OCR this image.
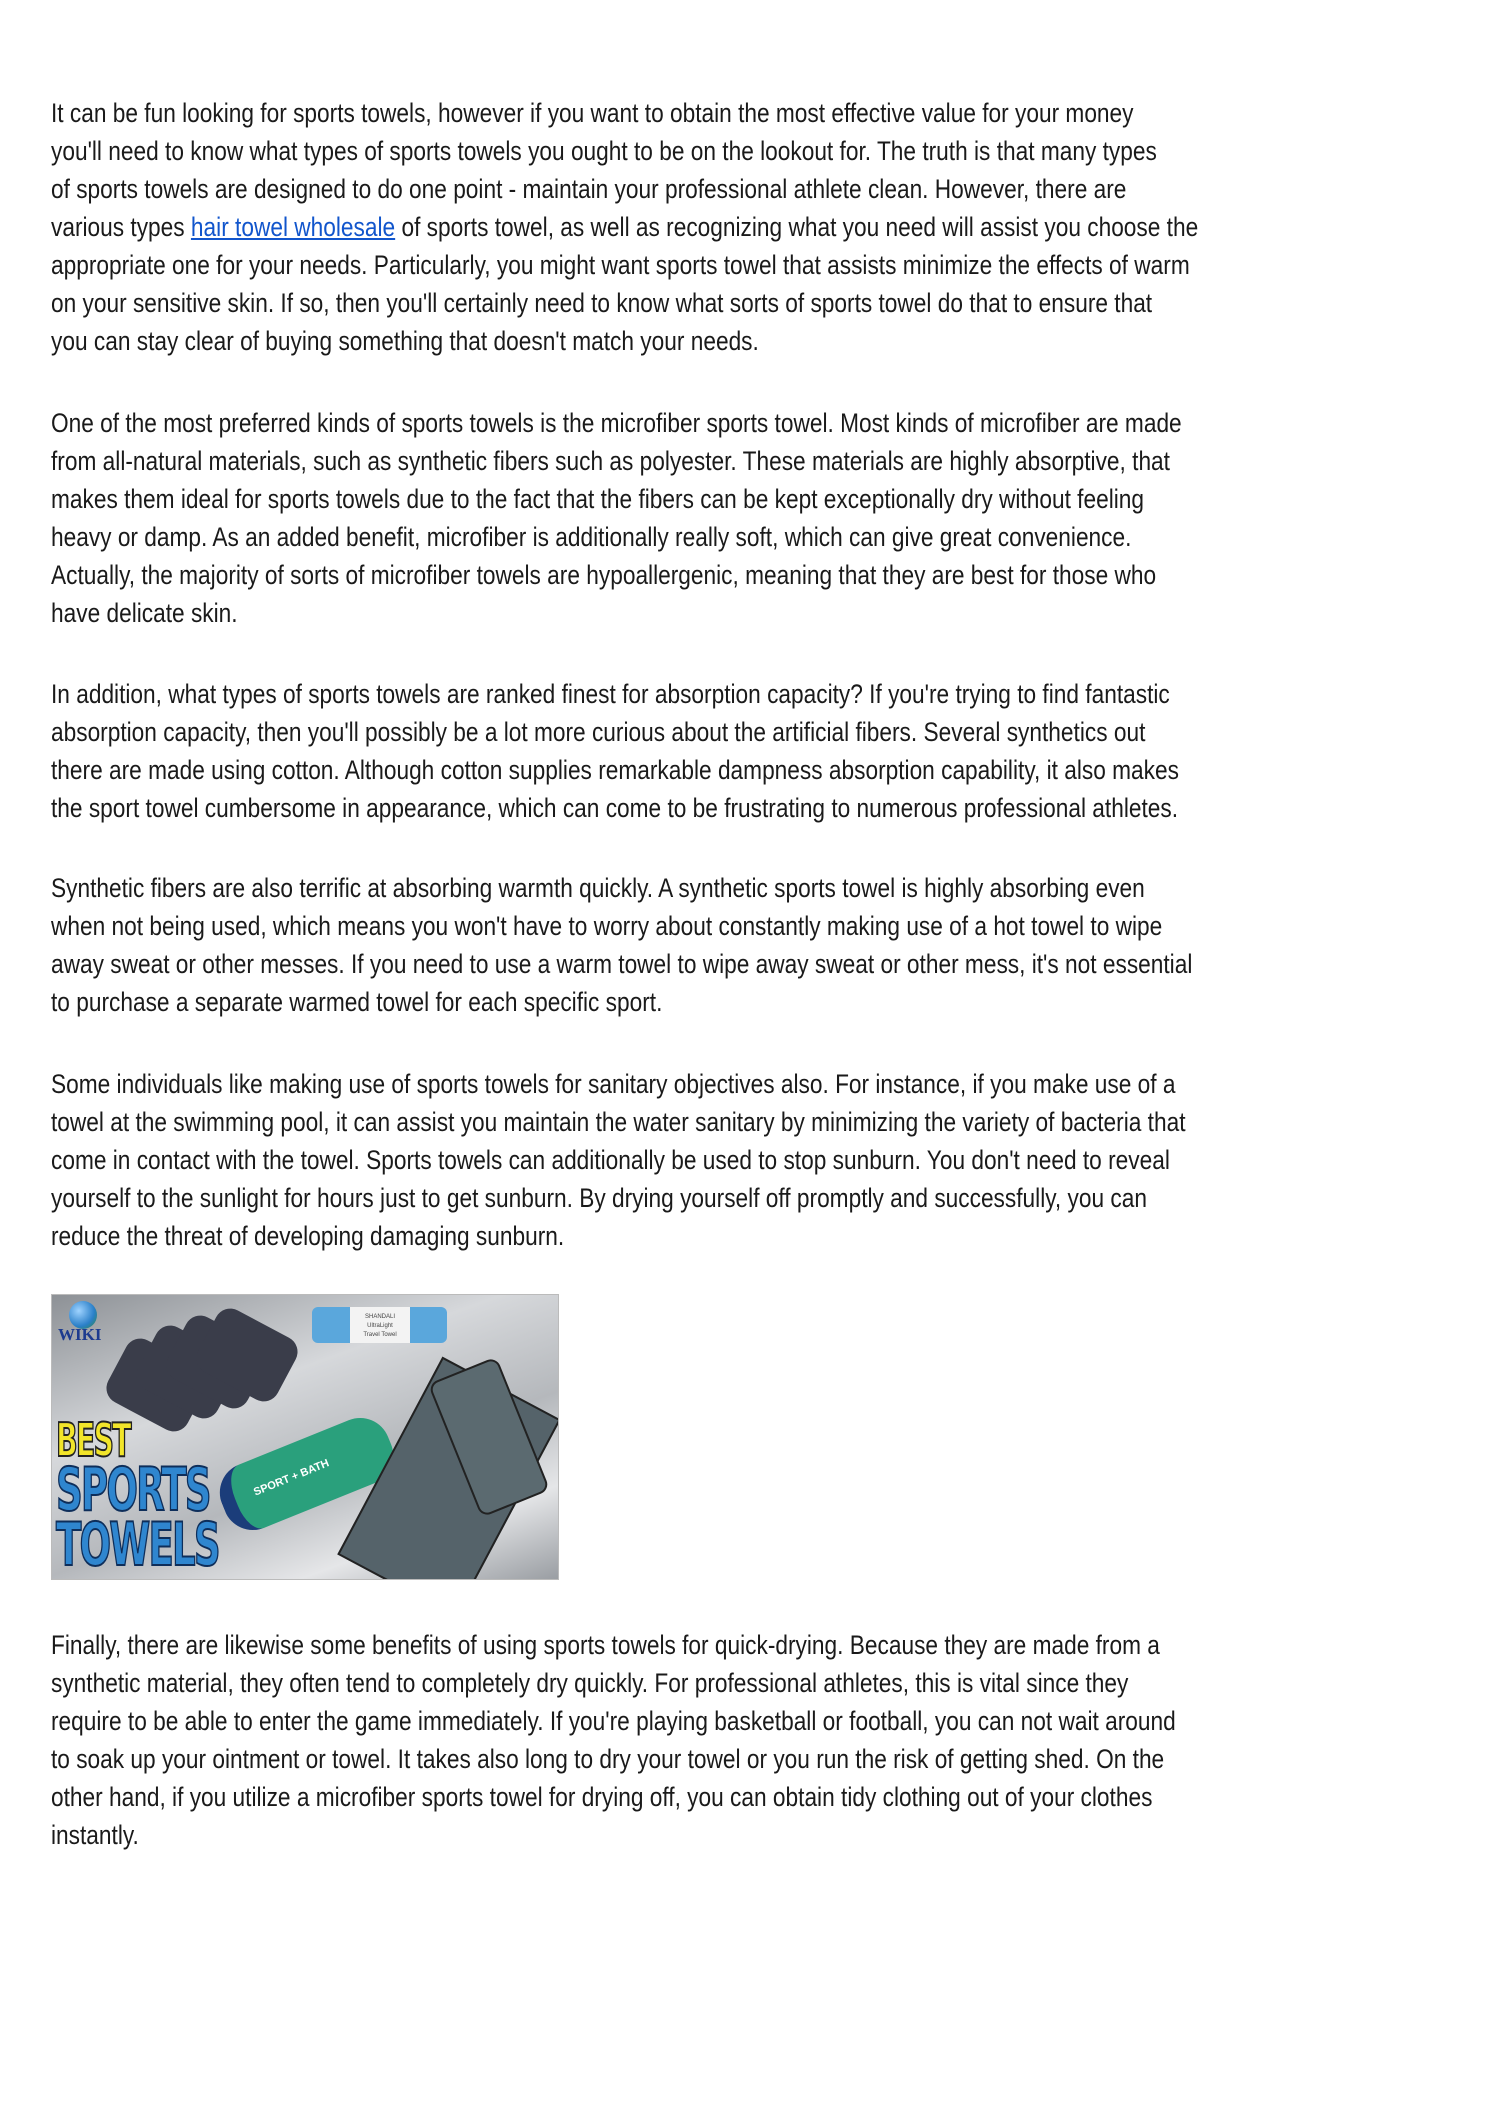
It can be fun looking for sports towels, however if you want to obtain the most effective value for your money
you'll need to know what types of sports towels you ought to be on the lookout for. The truth is that many types
of sports towels are designed to do one point - maintain your professional athlete clean. However, there are
various types hair towel wholesale of sports towel, as well as recognizing what you need will assist you choose the
appropriate one for your needs. Particularly, you might want sports towel that assists minimize the effects of warm
on your sensitive skin. If so, then you'll certainly need to know what sorts of sports towel do that to ensure that
you can stay clear of buying something that doesn't match your needs.
One of the most preferred kinds of sports towels is the microfiber sports towel. Most kinds of microfiber are made
from all-natural materials, such as synthetic fibers such as polyester. These materials are highly absorptive, that
makes them ideal for sports towels due to the fact that the fibers can be kept exceptionally dry without feeling
heavy or damp. As an added benefit, microfiber is additionally really soft, which can give great convenience.
Actually, the majority of sorts of microfiber towels are hypoallergenic, meaning that they are best for those who
have delicate skin.
In addition, what types of sports towels are ranked finest for absorption capacity? If you're trying to find fantastic
absorption capacity, then you'll possibly be a lot more curious about the artificial fibers. Several synthetics out
there are made using cotton. Although cotton supplies remarkable dampness absorption capability, it also makes
the sport towel cumbersome in appearance, which can come to be frustrating to numerous professional athletes.
Synthetic fibers are also terrific at absorbing warmth quickly. A synthetic sports towel is highly absorbing even
when not being used, which means you won't have to worry about constantly making use of a hot towel to wipe
away sweat or other messes. If you need to use a warm towel to wipe away sweat or other mess, it's not essential
to purchase a separate warmed towel for each specific sport.
Some individuals like making use of sports towels for sanitary objectives also. For instance, if you make use of a
towel at the swimming pool, it can assist you maintain the water sanitary by minimizing the variety of bacteria that
come in contact with the towel. Sports towels can additionally be used to stop sunburn. You don't need to reveal
yourself to the sunlight for hours just to get sunburn. By drying yourself off promptly and successfully, you can
reduce the threat of developing damaging sunburn.
Finally, there are likewise some benefits of using sports towels for quick-drying. Because they are made from a
synthetic material, they often tend to completely dry quickly. For professional athletes, this is vital since they
require to be able to enter the game immediately. If you're playing basketball or football, you can not wait around
to soak up your ointment or towel. It takes also long to dry your towel or you run the risk of getting shed. On the
other hand, if you utilize a microfiber sports towel for drying off, you can obtain tidy clothing out of your clothes
instantly.
WIKI
SHANDALI
UltraLight
Travel Towel
SPORT + BATH
BEST
SPORTS
TOWELS
